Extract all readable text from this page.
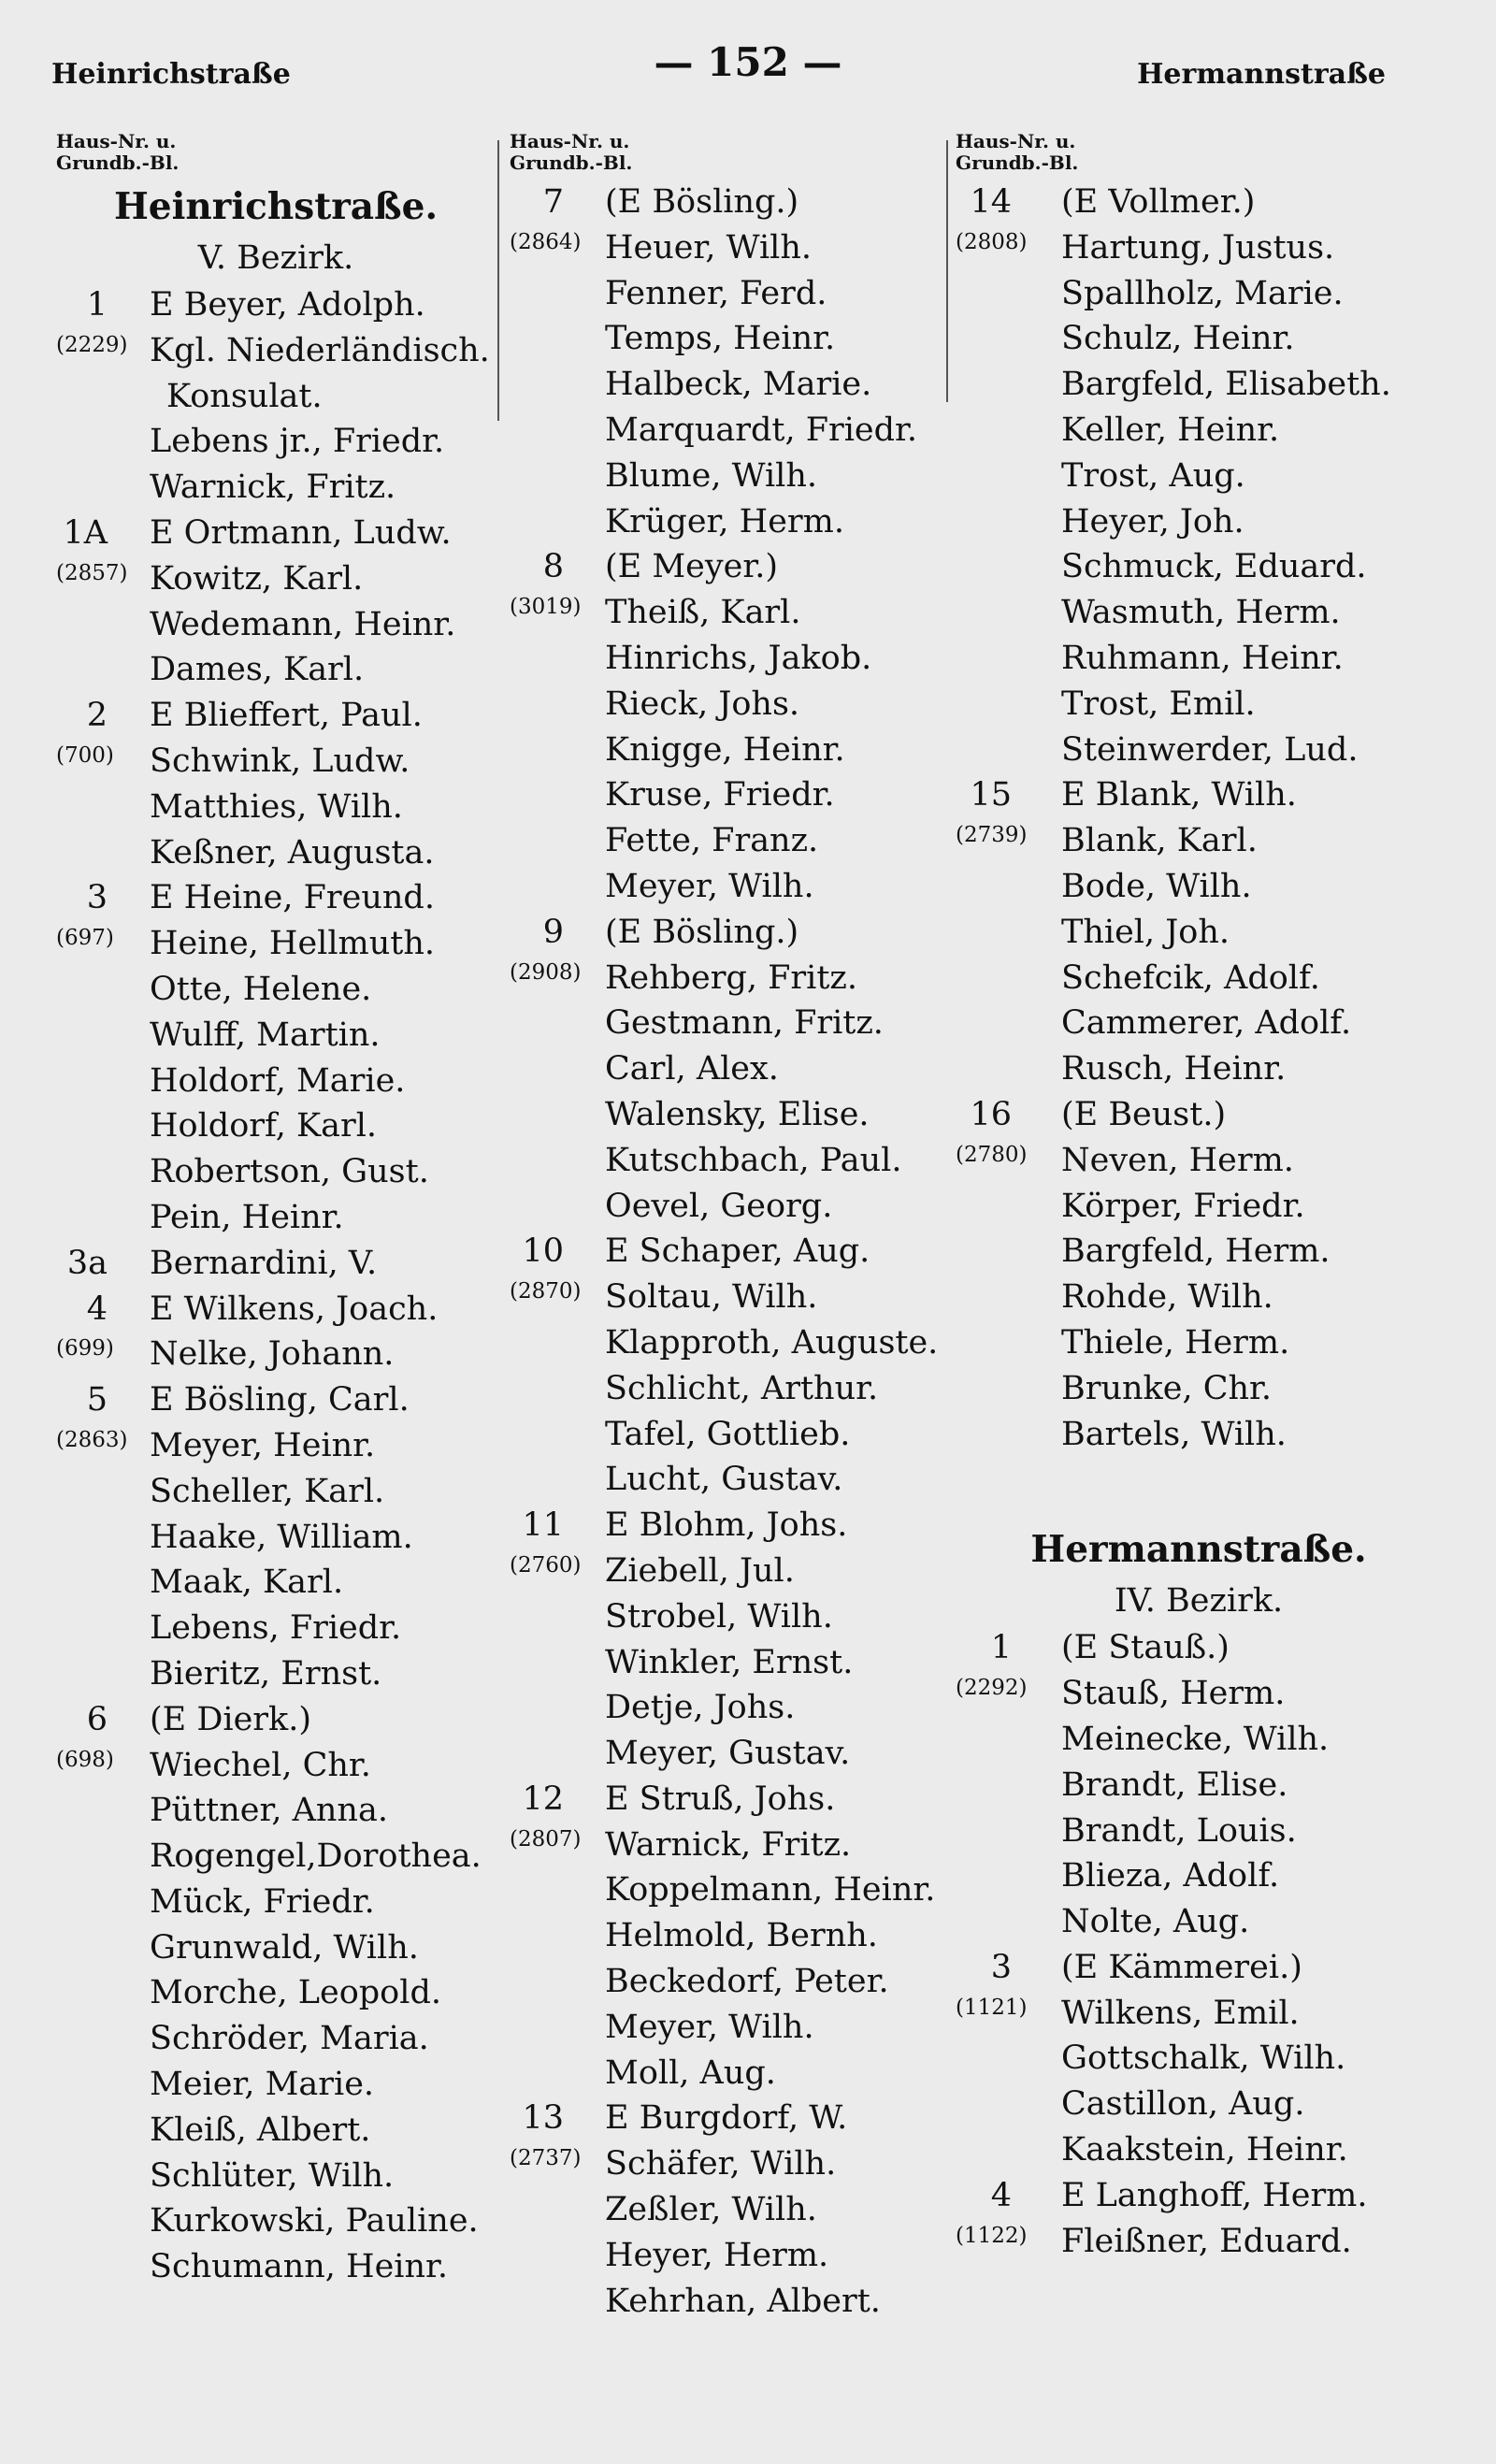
Heinrichstraße	— 152 —	Hermannstraße
Haus-Nr. u.
Grundb.-Bl.
Heinrichstraße.
V. Bezirk.
1 E Beyer, Adolph.
(2229) Kgl. Niederländisch.
Konsulat.
Lebens jr., Friedr.
Warnick, Fritz.
1A E Ortmann, Ludw.
(2857) Kowitz, Karl.
Wedemann, Heinr.
Dames, Karl.
2 E Blieffert, Paul.
(700) Schwink, Ludw.
Matthies, Wilh.
Keßner, Augusta.
3 E Heine, Freund.
(697) Heine, Hellmuth.
Otte, Helene.
Wulff, Martin.
Holdorf, Marie.
Holdorf, Karl.
Robertson, Gust.
Pein, Heinr.
3a Bernardini, V.
4 E Wilkens, Joach.
(699) Nelke, Johann.
5 E Bösling, Carl.
(2863) Meyer, Heinr.
Scheller, Karl.
Haake, William.
Maak, Karl.
Lebens, Friedr.
Bieritz, Ernst.
6 (E Dierk.)
(698) Wiechel, Chr.
Püttner, Anna.
Rogengel,Dorothea.
Mück, Friedr.
Grunwald, Wilh.
Morche, Leopold.
Schröder, Maria.
Meier, Marie.
Kleiß, Albert.
Schlüter, Wilh.
Kurkowski, Pauline.
Schumann, Heinr.
Haus-Nr. u.
Grundb.-Bl.
7 (E Bösling.)
(2864) Heuer, Wilh.
Fenner, Ferd.
Temps, Heinr.
Halbeck, Marie.
Marquardt, Friedr.
Blume, Wilh.
Krüger, Herm.
8 (E Meyer.)
(3019) Theiß, Karl.
Hinrichs, Jakob.
Rieck, Johs.
Knigge, Heinr.
Kruse, Friedr.
Fette, Franz.
Meyer, Wilh.
9 (E Bösling.)
(2908) Rehberg, Fritz.
Gestmann, Fritz.
Carl, Alex.
Walensky, Elise.
Kutschbach, Paul.
Oevel, Georg.
10 E Schaper, Aug.
(2870) Soltau, Wilh.
Klapproth, Auguste.
Schlicht, Arthur.
Tafel, Gottlieb.
Lucht, Gustav.
11 E Blohm, Johs.
(2760) Ziebell, Jul.
Strobel, Wilh.
Winkler, Ernst.
Detje, Johs.
Meyer, Gustav.
12 E Struß, Johs.
(2807) Warnick, Fritz.
Koppelmann, Heinr.
Helmold, Bernh.
Beckedorf, Peter.
Meyer, Wilh.
Moll, Aug.
13 E Burgdorf, W.
(2737) Schäfer, Wilh.
Zeßler, Wilh.
Heyer, Herm.
Kehrhan, Albert.
Haus-Nr. u.
Grundb.-Bl.
14 (E Vollmer.)
(2808) Hartung, Justus.
Spallholz, Marie.
Schulz, Heinr.
Bargfeld, Elisabeth.
Keller, Heinr.
Trost, Aug.
Heyer, Joh.
Schmuck, Eduard.
Wasmuth, Herm.
Ruhmann, Heinr.
Trost, Emil.
Steinwerder, Lud.
15 E Blank, Wilh.
(2739) Blank, Karl.
Bode, Wilh.
Thiel, Joh.
Schefcik, Adolf.
Cammerer, Adolf.
Rusch, Heinr.
16 (E Beust.)
(2780) Neven, Herm.
Körper, Friedr.
Bargfeld, Herm.
Rohde, Wilh.
Thiele, Herm.
Brunke, Chr.
Bartels, Wilh.
Hermannstraße.
IV. Bezirk.
1 (E Stauß.)
(2292) Stauß, Herm.
Meinecke, Wilh.
Brandt, Elise.
Brandt, Louis.
Blieza, Adolf.
Nolte, Aug.
3 (E Kämmerei.)
(1121) Wilkens, Emil.
Gottschalk, Wilh.
Castillon, Aug.
Kaakstein, Heinr.
4 E Langhoff, Herm.
(1122) Fleißner, Eduard.
